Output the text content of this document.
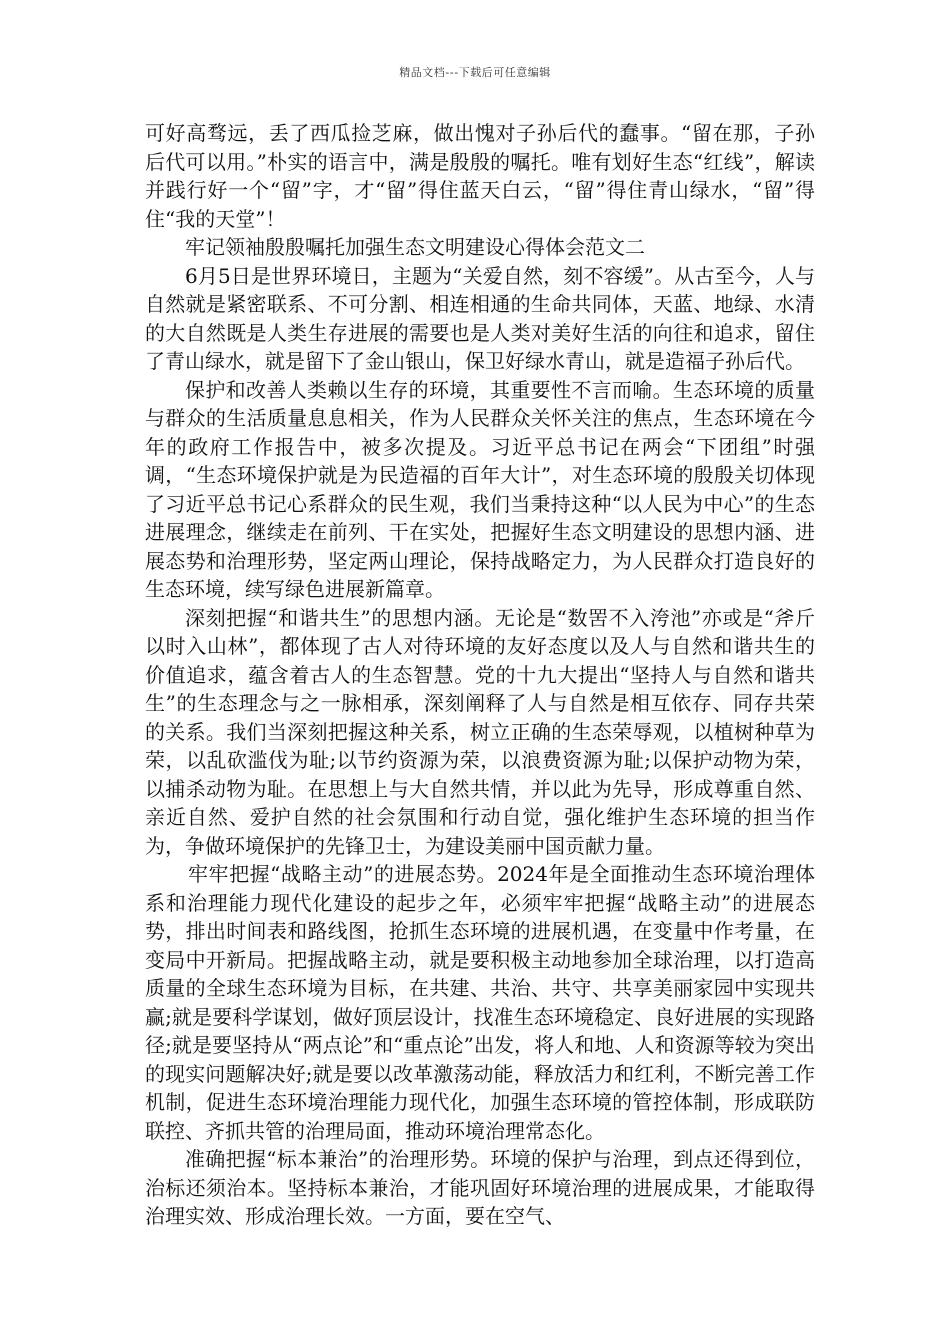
精品文档---下载后可任意编辑

可好高骛远，丢了西瓜捡芝麻，做出愧对子孙后代的蠢事。“留在那，子孙后代可以用。”朴实的语言中，满是殷殷的嘱托。唯有划好生态“红线”，解读并践行好一个“留”字，才“留”得住蓝天白云，“留”得住青山绿水，“留”得住“我的天堂”！

牢记领袖殷殷嘱托加强生态文明建设心得体会范文二

6月5日是世界环境日，主题为“关爱自然，刻不容缓”。从古至今，人与自然就是紧密联系、不可分割、相连相通的生命共同体，天蓝、地绿、水清的大自然既是人类生存进展的需要也是人类对美好生活的向往和追求，留住了青山绿水，就是留下了金山银山，保卫好绿水青山，就是造福子孙后代。

保护和改善人类赖以生存的环境，其重要性不言而喻。生态环境的质量与群众的生活质量息息相关，作为人民群众关怀关注的焦点，生态环境在今年的政府工作报告中，被多次提及。习近平总书记在两会“下团组”时强调，“生态环境保护就是为民造福的百年大计”，对生态环境的殷殷关切体现了习近平总书记心系群众的民生观，我们当秉持这种“以人民为中心”的生态进展理念，继续走在前列、干在实处，把握好生态文明建设的思想内涵、进展态势和治理形势，坚定两山理论，保持战略定力，为人民群众打造良好的生态环境，续写绿色进展新篇章。

深刻把握“和谐共生”的思想内涵。无论是“数罟不入洿池”亦或是“斧斤以时入山林”，都体现了古人对待环境的友好态度以及人与自然和谐共生的价值追求，蕴含着古人的生态智慧。党的十九大提出“坚持人与自然和谐共生”的生态理念与之一脉相承，深刻阐释了人与自然是相互依存、同存共荣的关系。我们当深刻把握这种关系，树立正确的生态荣辱观，以植树种草为荣，以乱砍滥伐为耻;以节约资源为荣，以浪费资源为耻;以保护动物为荣，以捕杀动物为耻。在思想上与大自然共情，并以此为先导，形成尊重自然、亲近自然、爱护自然的社会氛围和行动自觉，强化维护生态环境的担当作为，争做环境保护的先锋卫士，为建设美丽中国贡献力量。

牢牢把握“战略主动”的进展态势。2024年是全面推动生态环境治理体系和治理能力现代化建设的起步之年，必须牢牢把握“战略主动”的进展态势，排出时间表和路线图，抢抓生态环境的进展机遇，在变量中作考量，在变局中开新局。把握战略主动，就是要积极主动地参加全球治理，以打造高质量的全球生态环境为目标，在共建、共治、共守、共享美丽家园中实现共赢;就是要科学谋划，做好顶层设计，找准生态环境稳定、良好进展的实现路径;就是要坚持从“两点论”和“重点论”出发，将人和地、人和资源等较为突出的现实问题解决好;就是要以改革激荡动能，释放活力和红利，不断完善工作机制，促进生态环境治理能力现代化，加强生态环境的管控体制，形成联防联控、齐抓共管的治理局面，推动环境治理常态化。

准确把握“标本兼治”的治理形势。环境的保护与治理，到点还得到位，治标还须治本。坚持标本兼治，才能巩固好环境治理的进展成果，才能取得治理实效、形成治理长效。一方面，要在空气、
